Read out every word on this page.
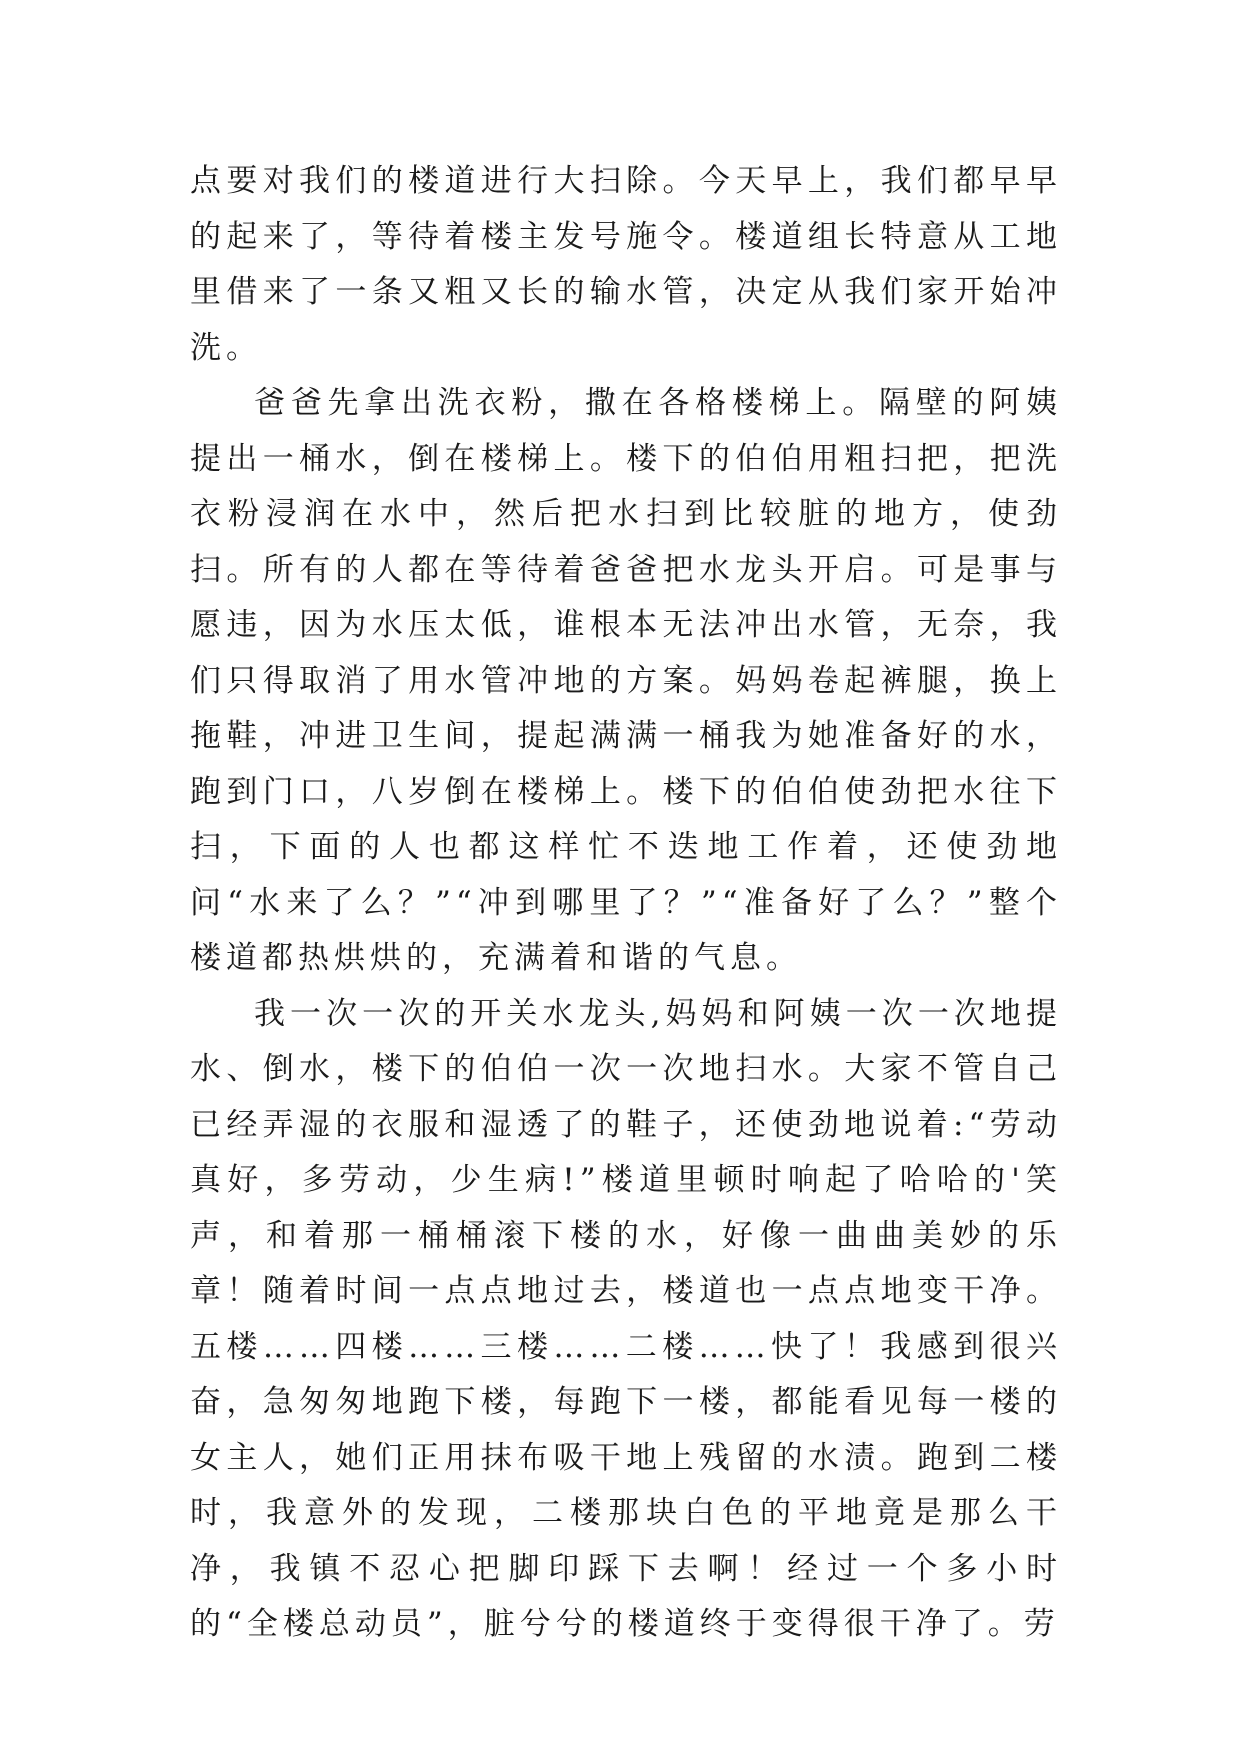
点要对我们的楼道进行大扫除。今天早上，我们都早早的起来了，等待着楼主发号施令。楼道组长特意从工地里借来了一条又粗又长的输水管，决定从我们家开始冲洗。

爸爸先拿出洗衣粉，撒在各格楼梯上。隔壁的阿姨提出一桶水，倒在楼梯上。楼下的伯伯用粗扫把，把洗衣粉浸润在水中，然后把水扫到比较脏的地方，使劲扫。所有的人都在等待着爸爸把水龙头开启。可是事与愿违，因为水压太低，谁根本无法冲出水管，无奈，我们只得取消了用水管冲地的方案。妈妈卷起裤腿，换上拖鞋，冲进卫生间，提起满满一桶我为她准备好的水，跑到门口，八岁倒在楼梯上。楼下的伯伯使劲把水往下扫，下面的人也都这样忙不迭地工作着，还使劲地问“水来了么？”“冲到哪里了？”“准备好了么？”整个楼道都热烘烘的，充满着和谐的气息。

我一次一次的开关水龙头,妈妈和阿姨一次一次地提水、倒水，楼下的伯伯一次一次地扫水。大家不管自己已经弄湿的衣服和湿透了的鞋子，还使劲地说着:“劳动真好，多劳动，少生病!”楼道里顿时响起了哈哈的'笑声，和着那一桶桶滚下楼的水，好像一曲曲美妙的乐章！随着时间一点点地过去，楼道也一点点地变干净。五楼……四楼……三楼……二楼……快了！我感到很兴奋，急匆匆地跑下楼，每跑下一楼，都能看见每一楼的女主人，她们正用抹布吸干地上残留的水渍。跑到二楼时，我意外的发现，二楼那块白色的平地竟是那么干净，我镇不忍心把脚印踩下去啊！经过一个多小时的“全楼总动员”，脏兮兮的楼道终于变得很干净了。劳
